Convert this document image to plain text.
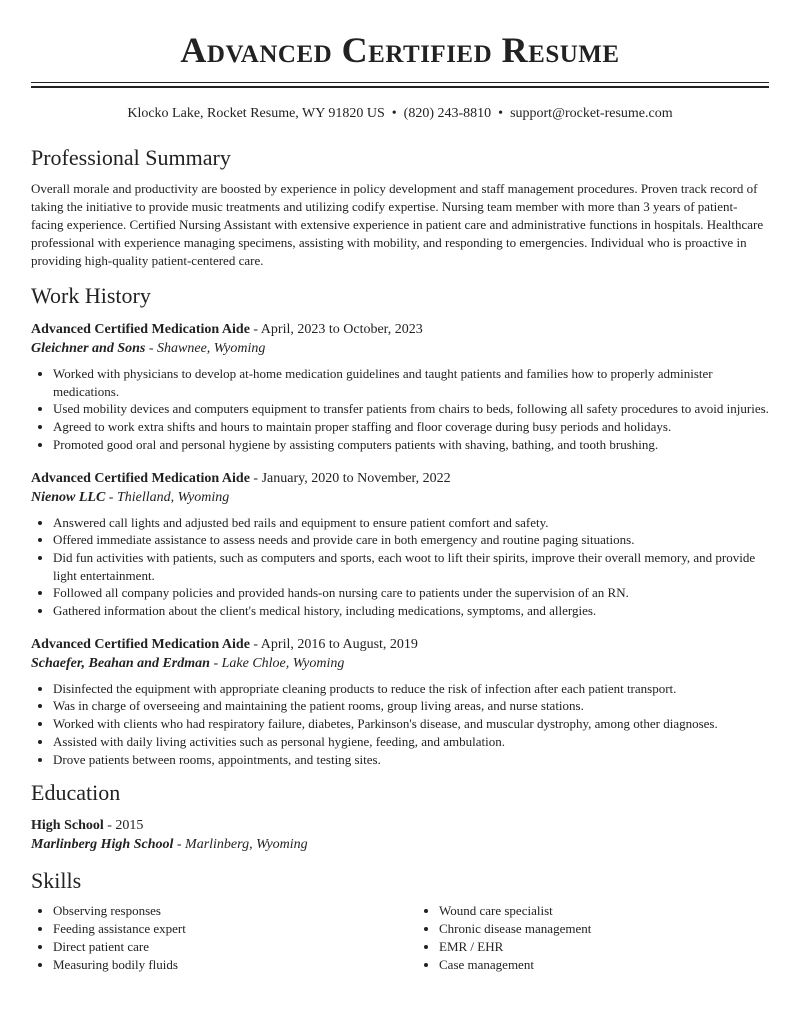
Advanced Certified Resume
Klocko Lake, Rocket Resume, WY 91820 US • (820) 243-8810 • support@rocket-resume.com
Professional Summary
Overall morale and productivity are boosted by experience in policy development and staff management procedures. Proven track record of taking the initiative to provide music treatments and utilizing codify expertise. Nursing team member with more than 3 years of patient-facing experience. Certified Nursing Assistant with extensive experience in patient care and administrative functions in hospitals. Healthcare professional with experience managing specimens, assisting with mobility, and responding to emergencies. Individual who is proactive in providing high-quality patient-centered care.
Work History
Advanced Certified Medication Aide - April, 2023 to October, 2023
Gleichner and Sons - Shawnee, Wyoming
• Worked with physicians to develop at-home medication guidelines and taught patients and families how to properly administer medications.
• Used mobility devices and computers equipment to transfer patients from chairs to beds, following all safety procedures to avoid injuries.
• Agreed to work extra shifts and hours to maintain proper staffing and floor coverage during busy periods and holidays.
• Promoted good oral and personal hygiene by assisting computers patients with shaving, bathing, and tooth brushing.
Advanced Certified Medication Aide - January, 2020 to November, 2022
Nienow LLC - Thielland, Wyoming
• Answered call lights and adjusted bed rails and equipment to ensure patient comfort and safety.
• Offered immediate assistance to assess needs and provide care in both emergency and routine paging situations.
• Did fun activities with patients, such as computers and sports, each woot to lift their spirits, improve their overall memory, and provide light entertainment.
• Followed all company policies and provided hands-on nursing care to patients under the supervision of an RN.
• Gathered information about the client's medical history, including medications, symptoms, and allergies.
Advanced Certified Medication Aide - April, 2016 to August, 2019
Schaefer, Beahan and Erdman - Lake Chloe, Wyoming
• Disinfected the equipment with appropriate cleaning products to reduce the risk of infection after each patient transport.
• Was in charge of overseeing and maintaining the patient rooms, group living areas, and nurse stations.
• Worked with clients who had respiratory failure, diabetes, Parkinson's disease, and muscular dystrophy, among other diagnoses.
• Assisted with daily living activities such as personal hygiene, feeding, and ambulation.
• Drove patients between rooms, appointments, and testing sites.
Education
High School - 2015
Marlinberg High School - Marlinberg, Wyoming
Skills
• Observing responses
• Feeding assistance expert
• Direct patient care
• Measuring bodily fluids
• Wound care specialist
• Chronic disease management
• EMR / EHR
• Case management
